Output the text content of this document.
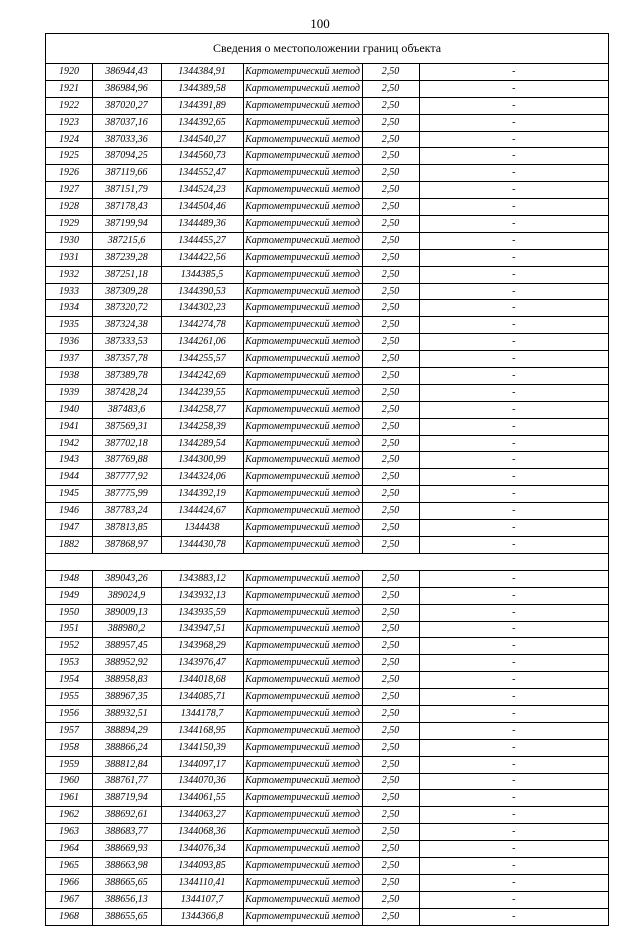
100
Сведения о местоположении границ объекта
1920	386944,43	1344384,91	Картометрический метод	2,50	-
1921	386984,96	1344389,58	Картометрический метод	2,50	-
1922	387020,27	1344391,89	Картометрический метод	2,50	-
1923	387037,16	1344392,65	Картометрический метод	2,50	-
1924	387033,36	1344540,27	Картометрический метод	2,50	-
1925	387094,25	1344560,73	Картометрический метод	2,50	-
1926	387119,66	1344552,47	Картометрический метод	2,50	-
1927	387151,79	1344524,23	Картометрический метод	2,50	-
1928	387178,43	1344504,46	Картометрический метод	2,50	-
1929	387199,94	1344489,36	Картометрический метод	2,50	-
1930	387215,6	1344455,27	Картометрический метод	2,50	-
1931	387239,28	1344422,56	Картометрический метод	2,50	-
1932	387251,18	1344385,5	Картометрический метод	2,50	-
1933	387309,28	1344390,53	Картометрический метод	2,50	-
1934	387320,72	1344302,23	Картометрический метод	2,50	-
1935	387324,38	1344274,78	Картометрический метод	2,50	-
1936	387333,53	1344261,06	Картометрический метод	2,50	-
1937	387357,78	1344255,57	Картометрический метод	2,50	-
1938	387389,78	1344242,69	Картометрический метод	2,50	-
1939	387428,24	1344239,55	Картометрический метод	2,50	-
1940	387483,6	1344258,77	Картометрический метод	2,50	-
1941	387569,31	1344258,39	Картометрический метод	2,50	-
1942	387702,18	1344289,54	Картометрический метод	2,50	-
1943	387769,88	1344300,99	Картометрический метод	2,50	-
1944	387777,92	1344324,06	Картометрический метод	2,50	-
1945	387775,99	1344392,19	Картометрический метод	2,50	-
1946	387783,24	1344424,67	Картометрический метод	2,50	-
1947	387813,85	1344438	Картометрический метод	2,50	-
1882	387868,97	1344430,78	Картометрический метод	2,50	-

1948	389043,26	1343883,12	Картометрический метод	2,50	-
1949	389024,9	1343932,13	Картометрический метод	2,50	-
1950	389009,13	1343935,59	Картометрический метод	2,50	-
1951	388980,2	1343947,51	Картометрический метод	2,50	-
1952	388957,45	1343968,29	Картометрический метод	2,50	-
1953	388952,92	1343976,47	Картометрический метод	2,50	-
1954	388958,83	1344018,68	Картометрический метод	2,50	-
1955	388967,35	1344085,71	Картометрический метод	2,50	-
1956	388932,51	1344178,7	Картометрический метод	2,50	-
1957	388894,29	1344168,95	Картометрический метод	2,50	-
1958	388866,24	1344150,39	Картометрический метод	2,50	-
1959	388812,84	1344097,17	Картометрический метод	2,50	-
1960	388761,77	1344070,36	Картометрический метод	2,50	-
1961	388719,94	1344061,55	Картометрический метод	2,50	-
1962	388692,61	1344063,27	Картометрический метод	2,50	-
1963	388683,77	1344068,36	Картометрический метод	2,50	-
1964	388669,93	1344076,34	Картометрический метод	2,50	-
1965	388663,98	1344093,85	Картометрический метод	2,50	-
1966	388665,65	1344110,41	Картометрический метод	2,50	-
1967	388656,13	1344107,7	Картометрический метод	2,50	-
1968	388655,65	1344366,8	Картометрический метод	2,50	-
